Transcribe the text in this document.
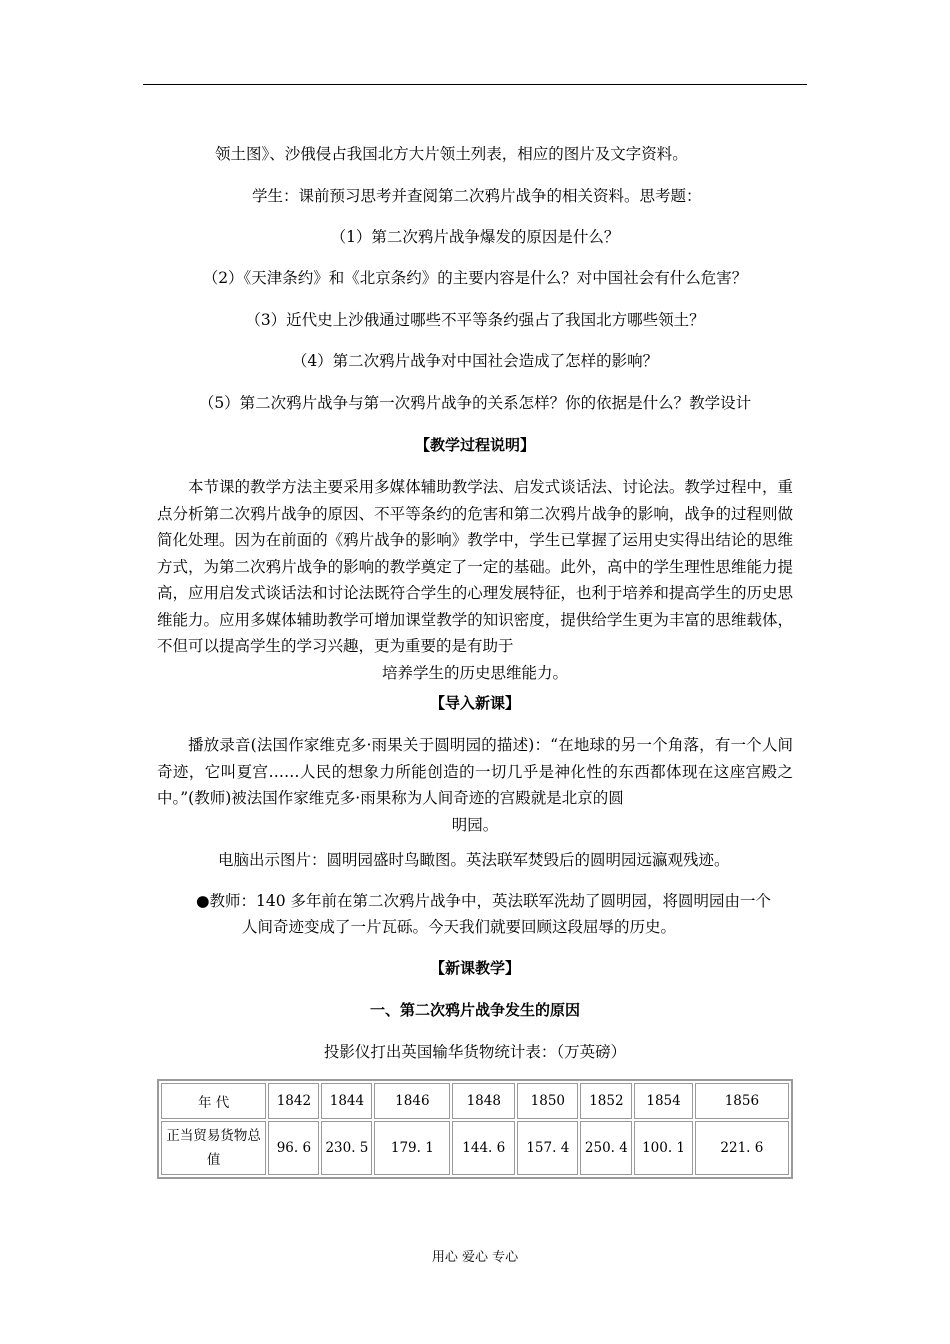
领土图》、沙俄侵占我国北方大片领土列表，相应的图片及文字资料。
学生：课前预习思考并查阅第二次鸦片战争的相关资料。思考题：
（1）第二次鸦片战争爆发的原因是什么？
（2）《天津条约》和《北京条约》的主要内容是什么？对中国社会有什么危害？
（3）近代史上沙俄通过哪些不平等条约强占了我国北方哪些领土？
（4）第二次鸦片战争对中国社会造成了怎样的影响？
（5）第二次鸦片战争与第一次鸦片战争的关系怎样？你的依据是什么？教学设计
【教学过程说明】

本节课的教学方法主要采用多媒体辅助教学法、启发式谈话法、讨论法。教学过程中，重点分析第二次鸦片战争的原因、不平等条约的危害和第二次鸦片战争的影响，战争的过程则做简化处理。因为在前面的《鸦片战争的影响》教学中，学生已掌握了运用史实得出结论的思维方式，为第二次鸦片战争的影响的教学奠定了一定的基础。此外，高中的学生理性思维能力提高，应用启发式谈话法和讨论法既符合学生的心理发展特征，也利于培养和提高学生的历史思维能力。应用多媒体辅助教学可增加课堂教学的知识密度，提供给学生更为丰富的思维载体，不但可以提高学生的学习兴趣，更为重要的是有助于

培养学生的历史思维能力。

【导入新课】

播放录音(法国作家维克多·雨果关于圆明园的描述)：“在地球的另一个角落，有一个人间奇迹，它叫夏宫……人民的想象力所能创造的一切几乎是神化性的东西都体现在这座宫殿之中。”(教师)被法国作家维克多·雨果称为人间奇迹的宫殿就是北京的圆

明园。

电脑出示图片：圆明园盛时鸟瞰图。英法联军焚毁后的圆明园远瀛观残迹。
●教师：140 多年前在第二次鸦片战争中，英法联军洗劫了圆明园，将圆明园由一个
人间奇迹变成了一片瓦砾。今天我们就要回顾这段屈辱的历史。
【新课教学】
一、第二次鸦片战争发生的原因
投影仪打出英国输华货物统计表：（万英磅）
年 代	1842	1844	1846	1848	1850	1852	1854	1856
正当贸易货物总值	96. 6	230. 5	179. 1	144. 6	157. 4	250. 4	100. 1	221. 6
用心 爱心 专心
